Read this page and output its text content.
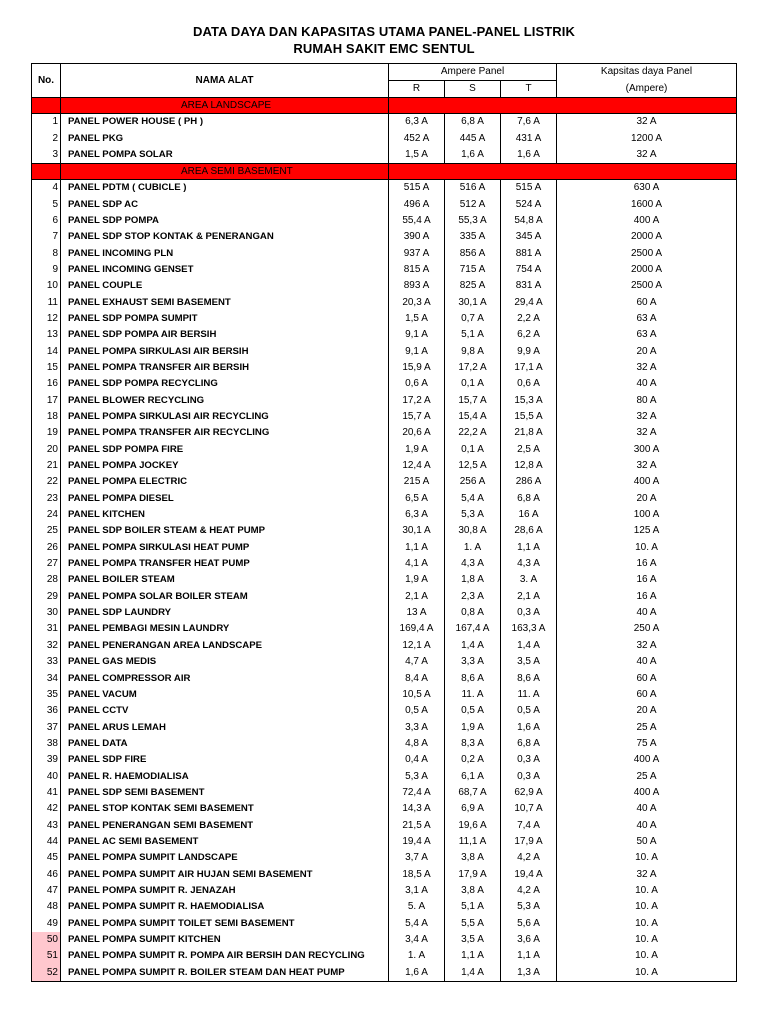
DATA DAYA DAN KAPASITAS UTAMA PANEL-PANEL LISTRIK
RUMAH SAKIT EMC SENTUL
No.	NAMA ALAT	Ampere Panel			Kapsitas daya Panel
		R	S	T	(Ampere)
	AREA LANDSCAPE				
1	PANEL POWER HOUSE ( PH )	6,3 A	6,8 A	7,6 A	32 A
2	PANEL PKG	452 A	445 A	431 A	1200 A
3	PANEL POMPA SOLAR	1,5 A	1,6 A	1,6 A	32 A
	AREA SEMI BASEMENT				
4	PANEL PDTM ( CUBICLE )	515 A	516 A	515 A	630 A
5	PANEL SDP AC	496 A	512 A	524 A	1600 A
6	PANEL SDP POMPA	55,4 A	55,3 A	54,8 A	400 A
7	PANEL SDP STOP KONTAK & PENERANGAN	390 A	335 A	345 A	2000 A
8	PANEL INCOMING PLN	937 A	856 A	881 A	2500 A
9	PANEL INCOMING GENSET	815 A	715 A	754 A	2000 A
10	PANEL COUPLE	893 A	825 A	831 A	2500 A
11	PANEL EXHAUST SEMI BASEMENT	20,3 A	30,1 A	29,4 A	60 A
12	PANEL SDP POMPA SUMPIT	1,5 A	0,7 A	2,2 A	63 A
13	PANEL SDP POMPA AIR BERSIH	9,1 A	5,1 A	6,2 A	63 A
14	PANEL POMPA SIRKULASI AIR BERSIH	9,1 A	9,8 A	9,9 A	20 A
15	PANEL POMPA TRANSFER AIR BERSIH	15,9 A	17,2 A	17,1 A	32 A
16	PANEL SDP POMPA RECYCLING	0,6 A	0,1 A	0,6 A	40 A
17	PANEL BLOWER RECYCLING	17,2 A	15,7 A	15,3 A	80 A
18	PANEL POMPA SIRKULASI AIR RECYCLING	15,7 A	15,4 A	15,5 A	32 A
19	PANEL POMPA TRANSFER AIR RECYCLING	20,6 A	22,2 A	21,8 A	32 A
20	PANEL SDP POMPA FIRE	1,9 A	0,1 A	2,5 A	300 A
21	PANEL POMPA JOCKEY	12,4 A	12,5 A	12,8 A	32 A
22	PANEL POMPA ELECTRIC	215 A	256 A	286 A	400 A
23	PANEL POMPA DIESEL	6,5 A	5,4 A	6,8 A	20 A
24	PANEL KITCHEN	6,3 A	5,3 A	16 A	100 A
25	PANEL SDP BOILER STEAM & HEAT PUMP	30,1 A	30,8 A	28,6 A	125 A
26	PANEL POMPA SIRKULASI HEAT PUMP	1,1 A	1. A	1,1 A	10. A
27	PANEL POMPA TRANSFER HEAT PUMP	4,1 A	4,3 A	4,3 A	16 A
28	PANEL BOILER STEAM	1,9 A	1,8 A	3. A	16 A
29	PANEL POMPA SOLAR BOILER STEAM	2,1 A	2,3 A	2,1 A	16 A
30	PANEL SDP LAUNDRY	13 A	0,8 A	0,3 A	40 A
31	PANEL PEMBAGI MESIN LAUNDRY	169,4 A	167,4 A	163,3 A	250 A
32	PANEL PENERANGAN AREA LANDSCAPE	12,1 A	1,4 A	1,4 A	32 A
33	PANEL GAS MEDIS	4,7 A	3,3 A	3,5 A	40 A
34	PANEL COMPRESSOR AIR	8,4 A	8,6 A	8,6 A	60 A
35	PANEL VACUM	10,5 A	11. A	11. A	60 A
36	PANEL CCTV	0,5 A	0,5 A	0,5 A	20 A
37	PANEL ARUS LEMAH	3,3 A	1,9 A	1,6 A	25 A
38	PANEL DATA	4,8 A	8,3 A	6,8 A	75 A
39	PANEL SDP FIRE	0,4 A	0,2 A	0,3 A	400 A
40	PANEL R. HAEMODIALISA	5,3 A	6,1 A	0,3 A	25 A
41	PANEL SDP SEMI BASEMENT	72,4 A	68,7 A	62,9 A	400 A
42	PANEL STOP KONTAK SEMI BASEMENT	14,3 A	6,9 A	10,7 A	40 A
43	PANEL PENERANGAN SEMI BASEMENT	21,5 A	19,6 A	7,4 A	40 A
44	PANEL AC SEMI BASEMENT	19,4 A	11,1 A	17,9 A	50 A
45	PANEL POMPA SUMPIT LANDSCAPE	3,7 A	3,8 A	4,2 A	10. A
46	PANEL POMPA SUMPIT AIR HUJAN SEMI BASEMENT	18,5 A	17,9 A	19,4 A	32 A
47	PANEL POMPA SUMPIT R. JENAZAH	3,1 A	3,8 A	4,2 A	10. A
48	PANEL POMPA SUMPIT R. HAEMODIALISA	5. A	5,1 A	5,3 A	10. A
49	PANEL POMPA SUMPIT TOILET SEMI BASEMENT	5,4 A	5,5 A	5,6 A	10. A
50	PANEL POMPA SUMPIT KITCHEN	3,4 A	3,5 A	3,6 A	10. A
51	PANEL POMPA SUMPIT R. POMPA AIR BERSIH DAN RECYCLING	1. A	1,1 A	1,1 A	10. A
52	PANEL POMPA SUMPIT R. BOILER STEAM DAN HEAT PUMP	1,6 A	1,4 A	1,3 A	10. A
